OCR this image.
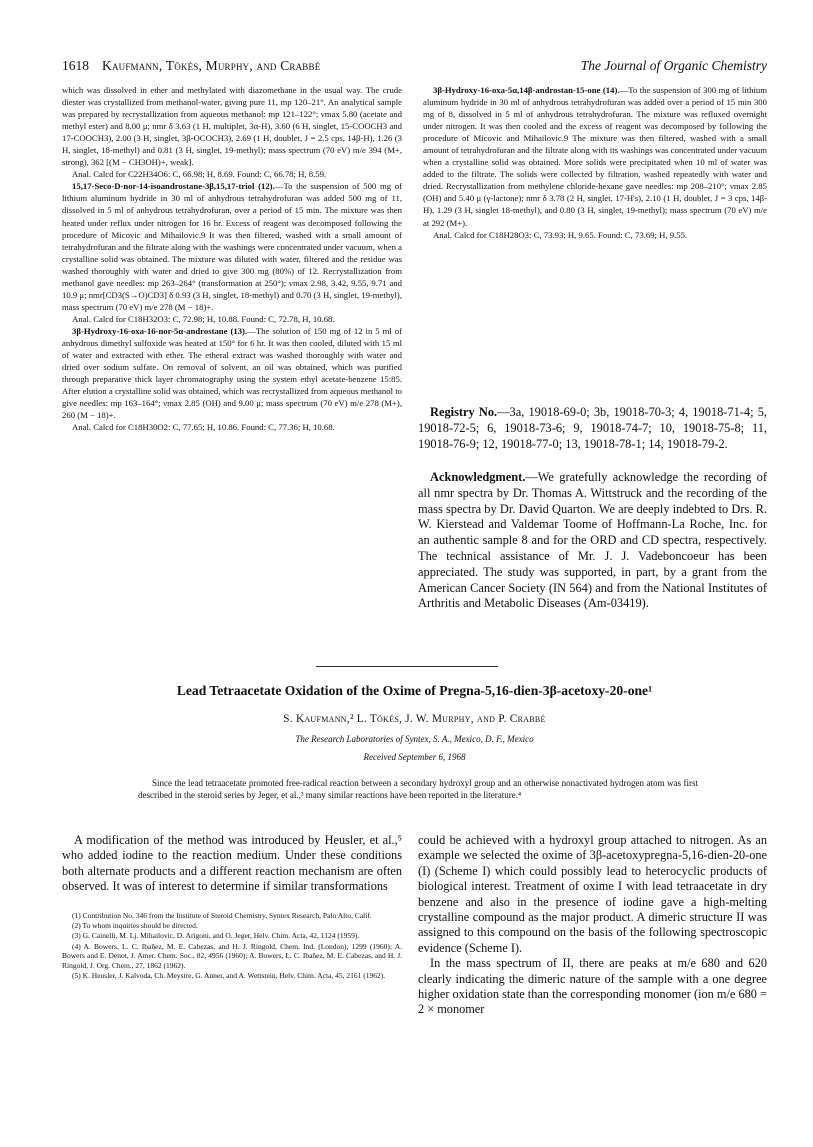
1618 Kaufmann, Tökés, Murphy, and Crabbé	The Journal of Organic Chemistry

which was dissolved in ether and methylated with diazomethane in the usual way. The crude diester was crystallized from methanol-water, giving pure 11, mp 120–21°. An analytical sample was prepared by recrystallization from aqueous methanol: mp 121–122°; νmax 5.80 (acetate and methyl ester) and 8.00 μ; nmr δ 3.63 (1 H, multiplet, 3α-H), 3.60 (6 H, singlet, 15-COOCH3 and 17-COOCH3), 2.00 (3 H, singlet, 3β-OCOCH3), 2.69 (1 H, doublet, J = 2.5 cps, 14β-H), 1.26 (3 H, singlet, 18-methyl) and 0.81 (3 H, singlet, 19-methyl); mass spectrum (70 eV) m/e 394 (M+, strong), 362 [(M − CH3OH)+, weak].

Anal. Calcd for C22H34O6: C, 66.98; H, 8.69. Found: C, 66.78; H, 8.59.

15,17-Seco-D-nor-14-isoandrostane-3β,15,17-triol (12).—To the suspension of 500 mg of lithium aluminum hydride in 30 ml of anhydrous tetrahydrofuran was added 500 mg of 11, dissolved in 5 ml of anhydrous tetrahydrofuran, over a period of 15 min. The mixture was then heated under reflux under nitrogen for 16 hr. Excess of reagent was decomposed following the procedure of Micovic and Mihailovic.9 It was then filtered, washed with a small amount of tetrahydrofuran and the filtrate along with the washings were concentrated under vacuum, when a crystalline solid was obtained. The mixture was diluted with water, filtered and the residue was washed thoroughly with water and dried to give 300 mg (80%) of 12. Recrystallization from methanol gave needles: mp 263–264° (transformation at 250°); νmax 2.98, 3.42, 9.55, 9.71 and 10.9 μ; nmr[CD3(S→O)CD3] δ 0.93 (3 H, singlet, 18-methyl) and 0.70 (3 H, singlet, 19-methyl), mass spectrum (70 eV) m/e 278 (M − 18)+.

Anal. Calcd for C18H32O3: C, 72.98; H, 10.88. Found: C, 72.78, H, 10.68.

3β-Hydroxy-16-oxa-16-nor-5α-androstane (13).—The solution of 150 mg of 12 in 5 ml of anhydrous dimethyl sulfoxide was heated at 150° for 6 hr. It was then cooled, diluted with 15 ml of water and extracted with ether. The etheral extract was washed thoroughly with water and dried over sodium sulfate. On removal of solvent, an oil was obtained, which was purified through preparative thick layer chromatography using the system ethyl acetate-benzene 15:85. After elution a crystalline solid was obtained, which was recrystallized from aqueous methanol to give needles: mp 163–164°; νmax 2.85 (OH) and 9.00 μ; mass spectrum (70 eV) m/e 278 (M+), 260 (M − 18)+.

Anal. Calcd for C18H30O2: C, 77.65; H, 10.86. Found: C, 77.36; H, 10.68.

3β-Hydroxy-16-oxa-5α,14β-androstan-15-one (14).—To the suspension of 300 mg of lithium aluminum hydride in 30 ml of anhydrous tetrahydrofuran was added over a period of 15 min 300 mg of 8, dissolved in 5 ml of anhydrous tetrahydrofuran. The mixture was refluxed overnight under nitrogen. It was then cooled and the excess of reagent was decomposed by following the procedure of Micovic and Mihailovic.9 The mixture was then filtered, washed with a small amount of tetrahydrofuran and the filtrate along with its washings was concentrated under vacuum when a crystalline solid was obtained. More solids were precipitated when 10 ml of water was added to the filtrate. The solids were collected by filtration, washed repeatedly with water and dried. Recrystallization from methylene chloride-hexane gave needles: mp 208–210°; νmax 2.85 (OH) and 5.40 μ (γ-lactone); nmr δ 3.78 (2 H, singlet, 17-H's), 2.10 (1 H, doublet, J = 3 cps, 14β-H), 1.29 (3 H, singlet 18-methyl), and 0.80 (3 H, singlet, 19-methyl); mass spectrum (70 eV) m/e at 292 (M+).

Anal. Calcd for C18H28O3: C, 73.93; H, 9.65. Found: C, 73.69; H, 9.55.

Registry No.—3a, 19018-69-0; 3b, 19018-70-3; 4, 19018-71-4; 5, 19018-72-5; 6, 19018-73-6; 9, 19018-74-7; 10, 19018-75-8; 11, 19018-76-9; 12, 19018-77-0; 13, 19018-78-1; 14, 19018-79-2.

Acknowledgment.—We gratefully acknowledge the recording of all nmr spectra by Dr. Thomas A. Wittstruck and the recording of the mass spectra by Dr. David Quarton. We are deeply indebted to Drs. R. W. Kierstead and Valdemar Toome of Hoffmann-La Roche, Inc. for an authentic sample 8 and for the ORD and CD spectra, respectively. The technical assistance of Mr. J. J. Vadeboncoeur has been appreciated. The study was supported, in part, by a grant from the American Cancer Society (IN 564) and from the National Institutes of Arthritis and Metabolic Diseases (Am-03419).

Lead Tetraacetate Oxidation of the Oxime of Pregna-5,16-dien-3β-acetoxy-20-one¹
S. Kaufmann,² L. Tökés, J. W. Murphy, and P. Crabbé
The Research Laboratories of Syntex, S. A., Mexico, D. F., Mexico
Received September 6, 1968

Since the lead tetraacetate promoted free-radical reaction between a secondary hydroxyl group and an otherwise nonactivated hydrogen atom was first described in the steroid series by Jeger, et al.,³ many similar reactions have been reported in the literature.⁴

A modification of the method was introduced by Heusler, et al.,⁵ who added iodine to the reaction medium. Under these conditions both alternate products and a different reaction mechanism are often observed. It was of interest to determine if similar transformations

(1) Contribution No. 346 from the Institute of Steroid Chemistry, Syntex Research, Palo Alto, Calif.

(2) To whom inquiries should be directed.

(3) G. Cainelli, M. Lj. Mihailovic, D. Arigoni, and O. Jeger, Helv. Chim. Acta, 42, 1124 (1959).

(4) A. Bowers, L. C. Ibañez, M. E. Cabezas, and H. J. Ringold, Chem. Ind. (London), 1299 (1960); A. Bowers and E. Denot, J. Amer. Chem. Soc., 82, 4956 (1960); A. Bowers, L. C. Ibañez, M. E. Cabezas, and H. J. Ringold, J. Org. Chem., 27, 1862 (1962).

(5) K. Heusler, J. Kalvoda, Ch. Meystre, G. Anner, and A. Wettstein, Helv. Chim. Acta, 45, 2161 (1962).

could be achieved with a hydroxyl group attached to nitrogen. As an example we selected the oxime of 3β-acetoxypregna-5,16-dien-20-one (I) (Scheme I) which could possibly lead to heterocyclic products of biological interest. Treatment of oxime I with lead tetraacetate in dry benzene and also in the presence of iodine gave a high-melting crystalline compound as the major product. A dimeric structure II was assigned to this compound on the basis of the following spectroscopic evidence (Scheme I).

In the mass spectrum of II, there are peaks at m/e 680 and 620 clearly indicating the dimeric nature of the sample with a one degree higher oxidation state than the corresponding monomer (ion m/e 680 = 2 × monomer
